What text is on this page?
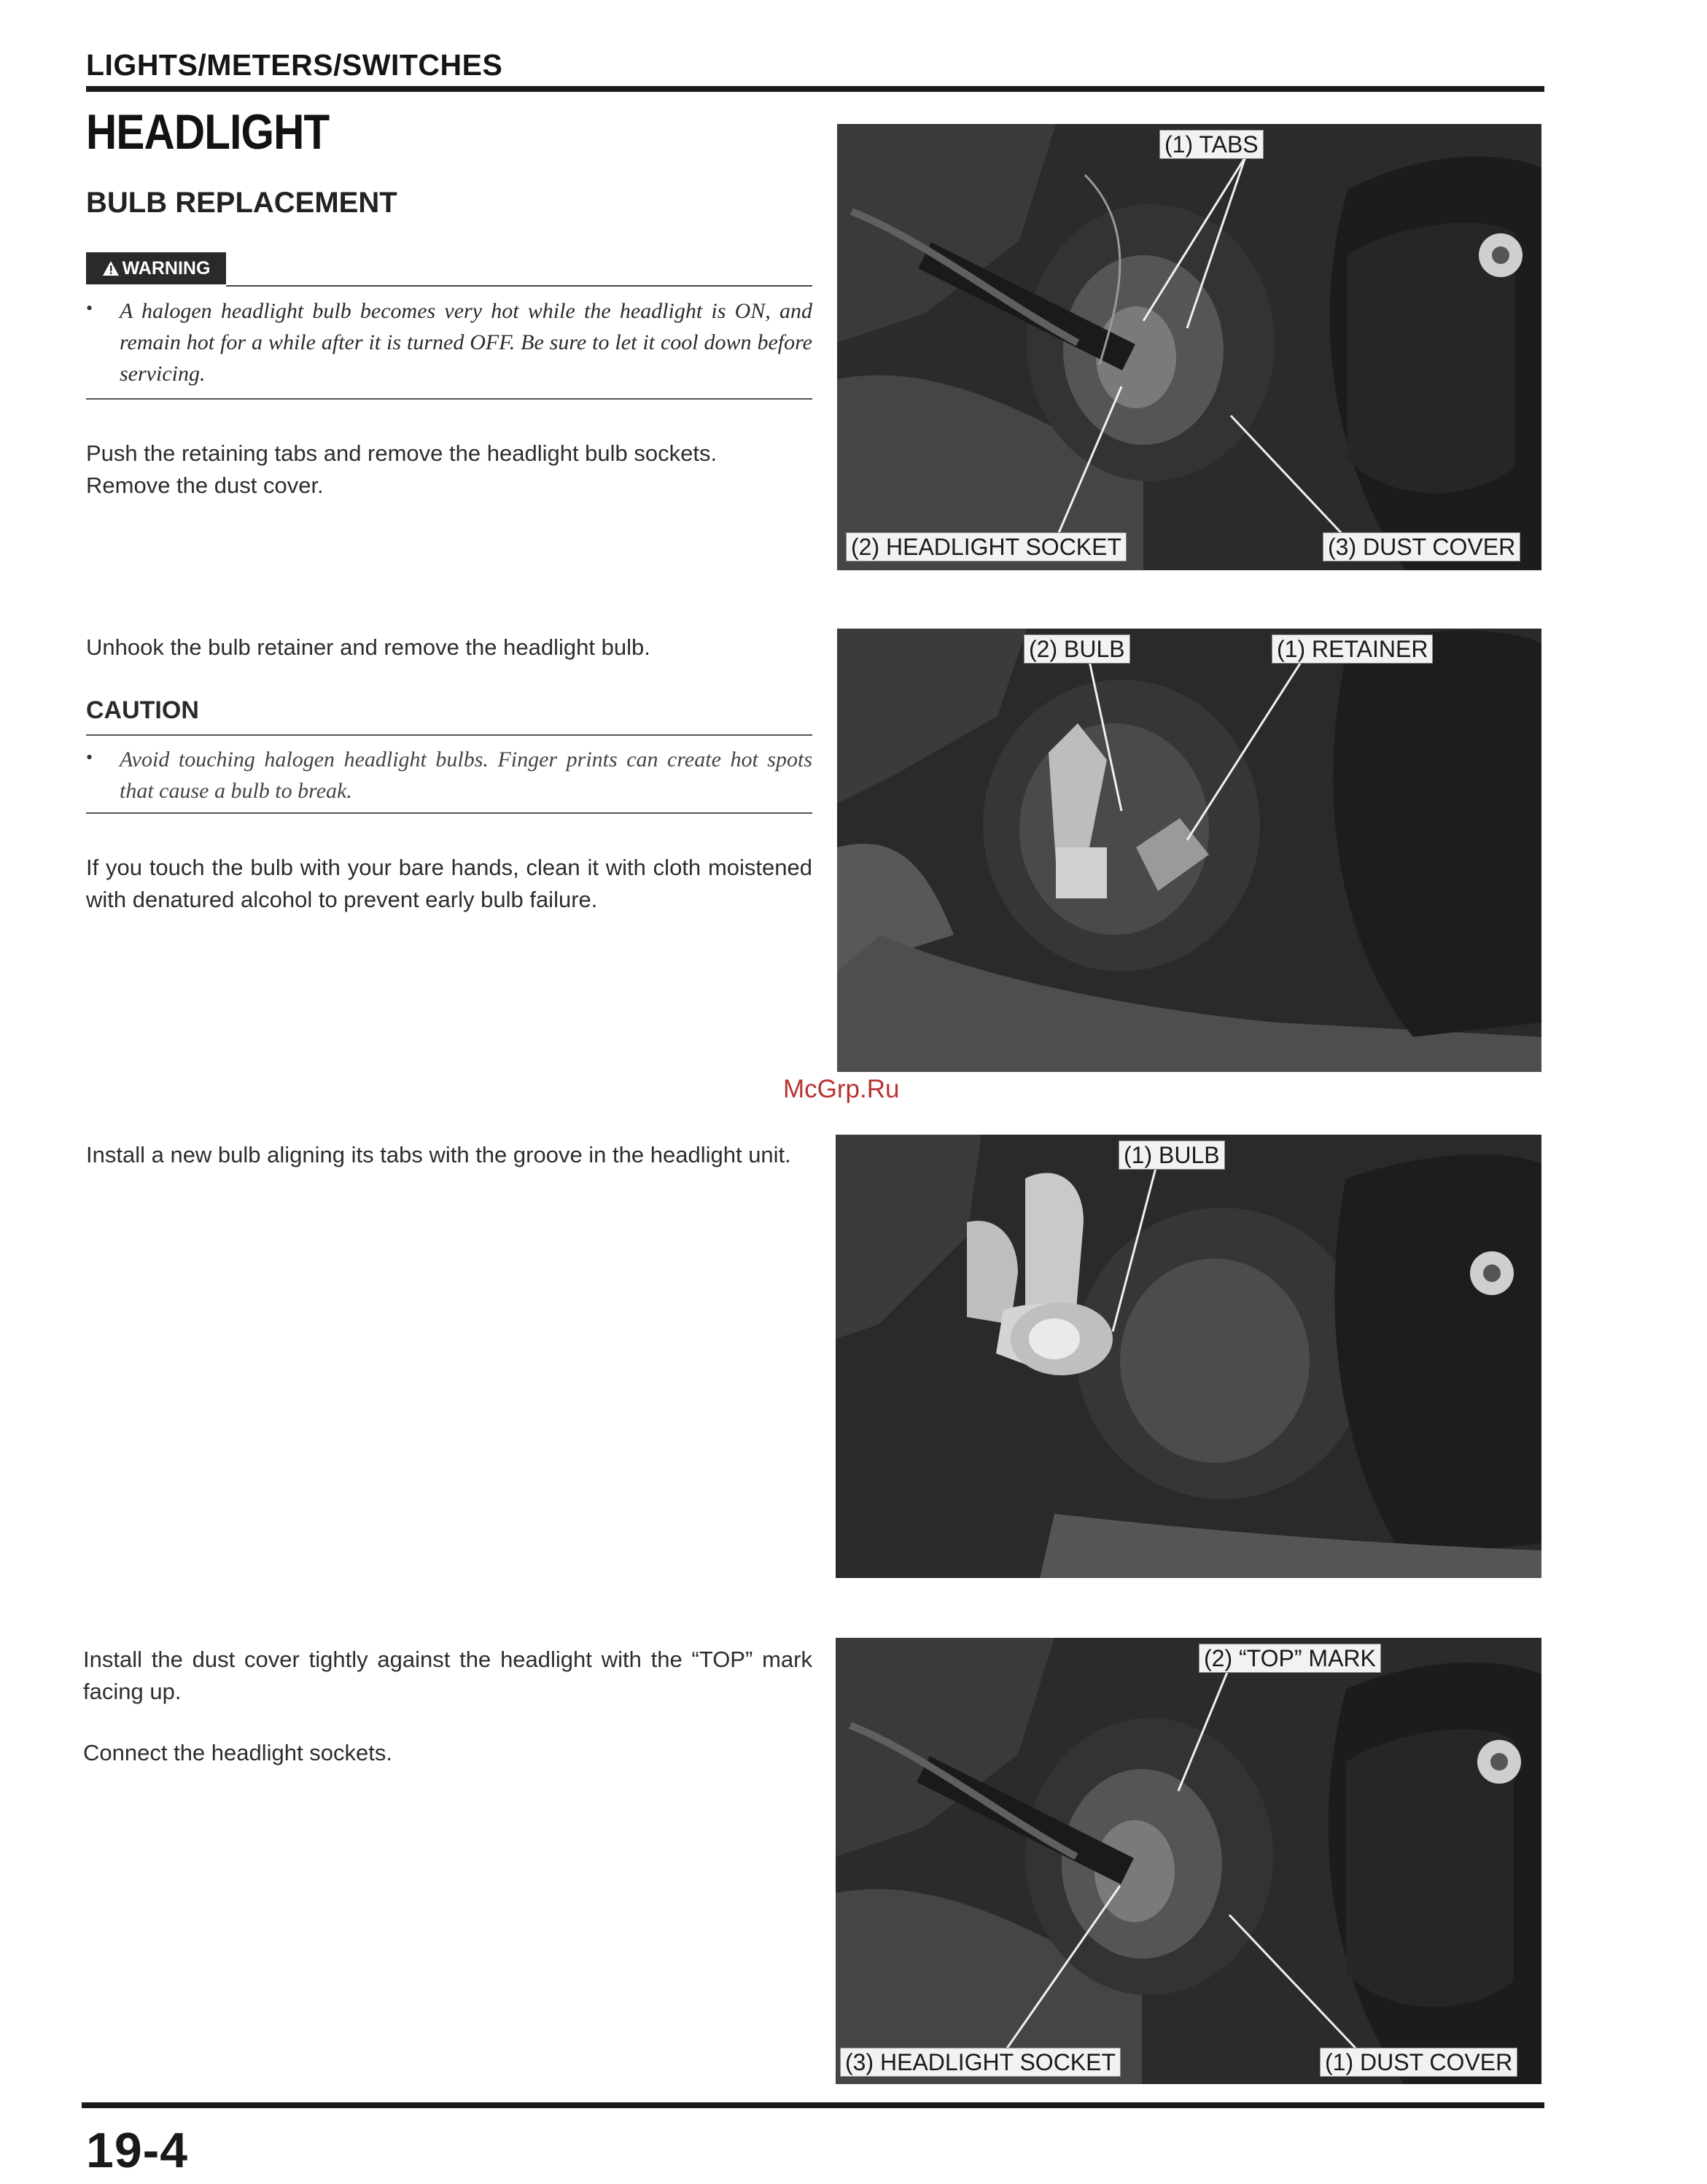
LIGHTS/METERS/SWITCHES
HEADLIGHT
BULB REPLACEMENT
WARNING
• A halogen headlight bulb becomes very hot while the headlight is ON, and remain hot for a while after it is turned OFF. Be sure to let it cool down before servicing.
Push the retaining tabs and remove the headlight bulb sockets.
Remove the dust cover.
Unhook the bulb retainer and remove the headlight bulb.
CAUTION
• Avoid touching halogen headlight bulbs. Finger prints can create hot spots that cause a bulb to break.
If you touch the bulb with your bare hands, clean it with cloth moistened with denatured alcohol to prevent early bulb failure.
Install a new bulb aligning its tabs with the groove in the headlight unit.
Install the dust cover tightly against the headlight with the “TOP” mark facing up.
Connect the headlight sockets.
McGrp.Ru
(1) TABS
(2) HEADLIGHT SOCKET	(3) DUST COVER
(2) BULB	(1) RETAINER
(1) BULB
(2) “TOP” MARK
(3) HEADLIGHT SOCKET	(1) DUST COVER
19-4
